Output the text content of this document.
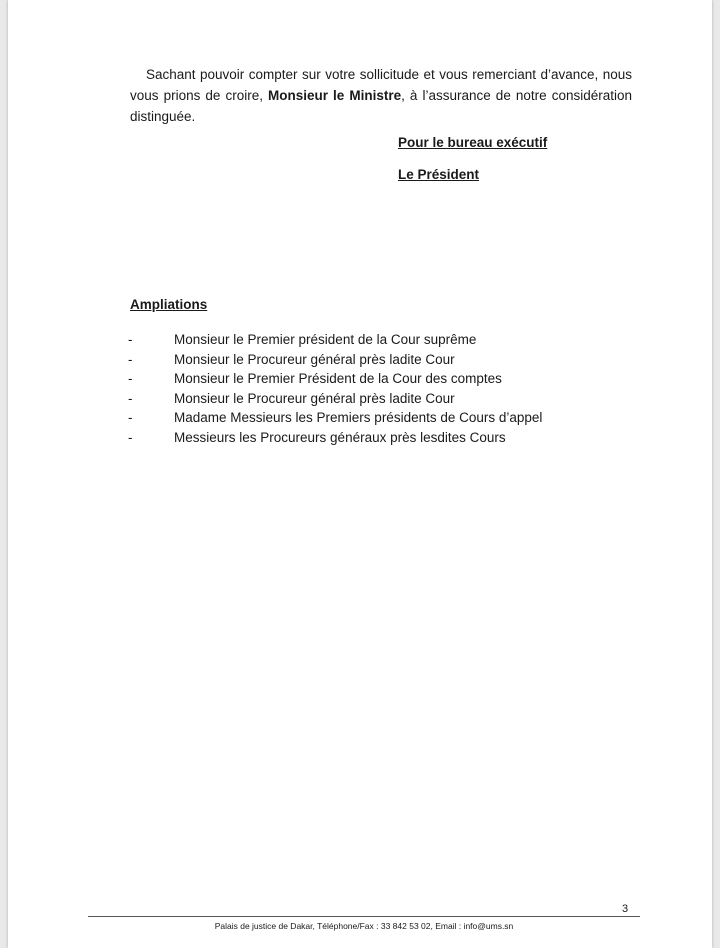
Sachant pouvoir compter sur votre sollicitude et vous remerciant d’avance, nous vous prions de croire, Monsieur le Ministre, à l’assurance de notre considération distinguée.

Pour le bureau exécutif

Le Président

Ampliations

-	Monsieur le Premier président de la Cour suprême
-	Monsieur le Procureur général près ladite Cour
-	Monsieur le Premier Président de la Cour des comptes
-	Monsieur le Procureur général près ladite Cour
-	Madame Messieurs les Premiers présidents de Cours d’appel
-	Messieurs les Procureurs généraux près lesdites Cours

3

Palais de justice de Dakar, Téléphone/Fax : 33 842 53 02, Email : info@ums.sn
